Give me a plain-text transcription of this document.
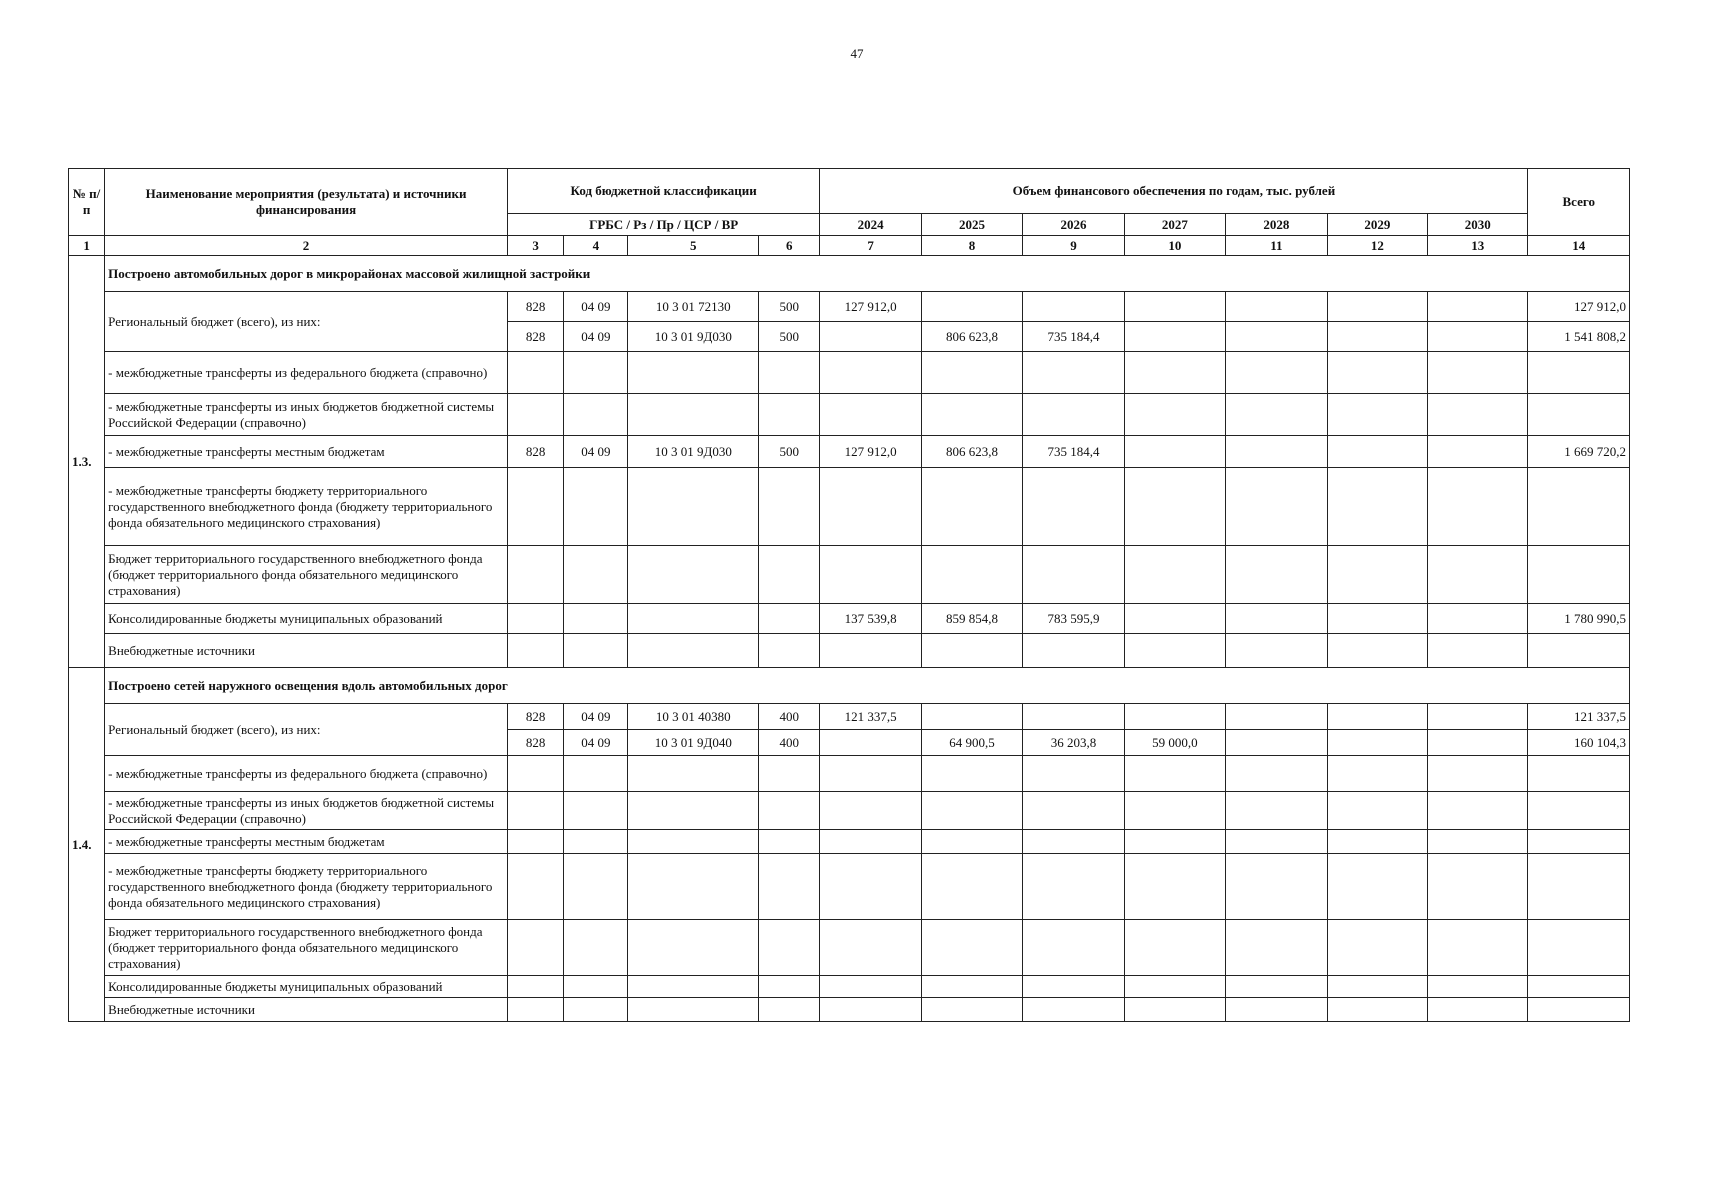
47
№ п/п	Наименование мероприятия (результата) и источники финансирования	Код бюджетной классификации				Объем финансового обеспечения по годам, тыс. рублей							Всего
		ГРБС / Рз / Пр / ЦСР / ВР				2024	2025	2026	2027	2028	2029	2030	
1	2	3	4	5	6	7	8	9	10	11	12	13	14
1.3.	Построено автомобильных дорог в микрорайонах массовой жилищной застройки												
	Региональный бюджет (всего), из них:	828	04 09	10 3 01 72130	500	127 912,0							127 912,0
		828	04 09	10 3 01 9Д030	500		806 623,8	735 184,4					1 541 808,2
	- межбюджетные трансферты из федерального бюджета (справочно)												
	- межбюджетные трансферты из иных бюджетов бюджетной системы Российской Федерации (справочно)												
	- межбюджетные трансферты местным бюджетам	828	04 09	10 3 01 9Д030	500	127 912,0	806 623,8	735 184,4					1 669 720,2
	- межбюджетные трансферты бюджету территориального государственного внебюджетного фонда (бюджету территориального фонда обязательного медицинского страхования)												
	Бюджет территориального государственного внебюджетного фонда (бюджет территориального фонда обязательного медицинского страхования)												
	Консолидированные бюджеты муниципальных образований					137 539,8	859 854,8	783 595,9					1 780 990,5
	Внебюджетные источники												
1.4.	Построено сетей наружного освещения вдоль автомобильных дорог												
	Региональный бюджет (всего), из них:	828	04 09	10 3 01 40380	400	121 337,5							121 337,5
		828	04 09	10 3 01 9Д040	400		64 900,5	36 203,8	59 000,0				160 104,3
	- межбюджетные трансферты из федерального бюджета (справочно)												
	- межбюджетные трансферты из иных бюджетов бюджетной системы Российской Федерации (справочно)												
	- межбюджетные трансферты местным бюджетам												
	- межбюджетные трансферты бюджету территориального государственного внебюджетного фонда (бюджету территориального фонда обязательного медицинского страхования)												
	Бюджет территориального государственного внебюджетного фонда (бюджет территориального фонда обязательного медицинского страхования)												
	Консолидированные бюджеты муниципальных образований												
	Внебюджетные источники												
